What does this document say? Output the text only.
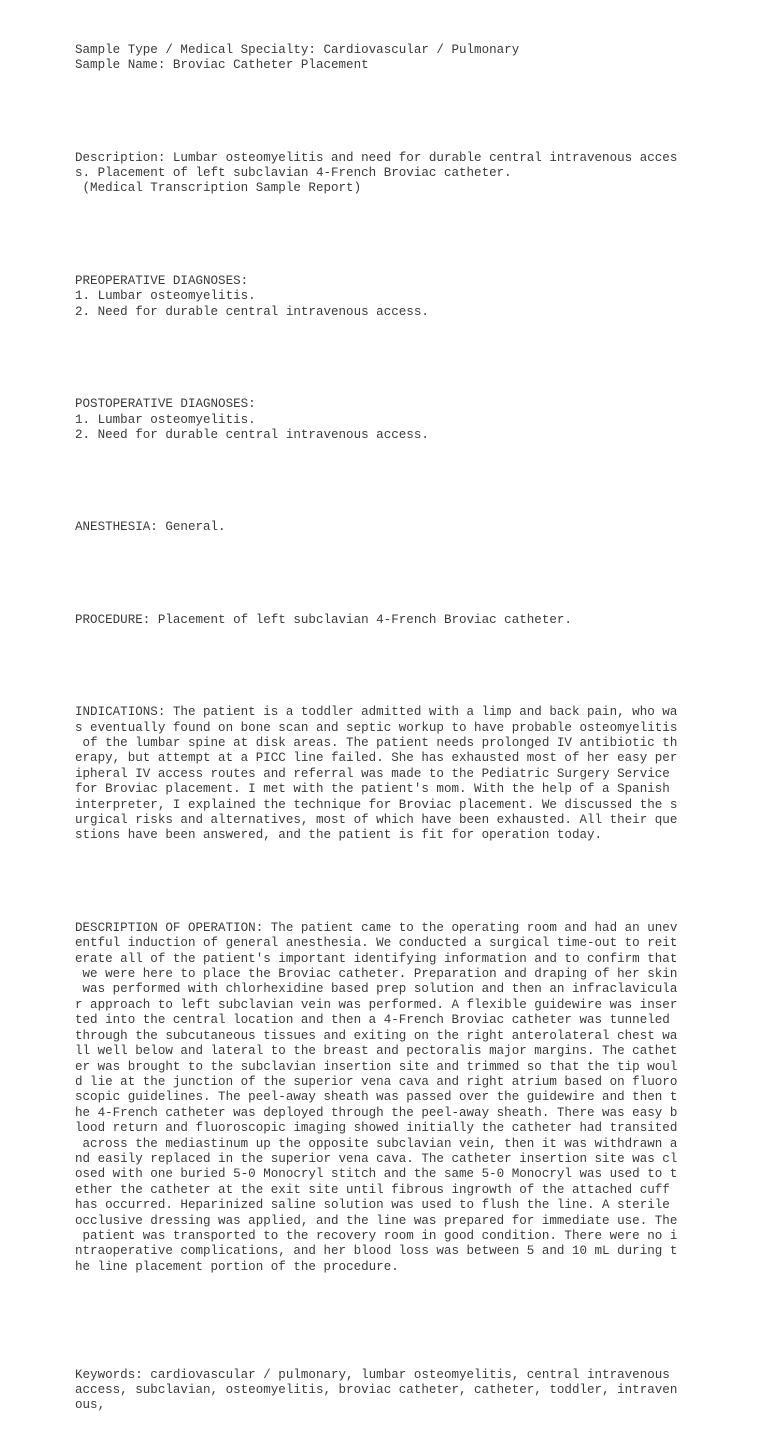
Sample Type / Medical Specialty: Cardiovascular / Pulmonary
Sample Name: Broviac Catheter Placement

Description: Lumbar osteomyelitis and need for durable central intravenous acces
s. Placement of left subclavian 4-French Broviac catheter.
(Medical Transcription Sample Report)

PREOPERATIVE DIAGNOSES:
1. Lumbar osteomyelitis.
2. Need for durable central intravenous access.

POSTOPERATIVE DIAGNOSES:
1. Lumbar osteomyelitis.
2. Need for durable central intravenous access.

ANESTHESIA: General.

PROCEDURE: Placement of left subclavian 4-French Broviac catheter.

INDICATIONS: The patient is a toddler admitted with a limp and back pain, who wa
s eventually found on bone scan and septic workup to have probable osteomyelitis
of the lumbar spine at disk areas. The patient needs prolonged IV antibiotic th
erapy, but attempt at a PICC line failed. She has exhausted most of her easy per
ipheral IV access routes and referral was made to the Pediatric Surgery Service
for Broviac placement. I met with the patient's mom. With the help of a Spanish
interpreter, I explained the technique for Broviac placement. We discussed the s
urgical risks and alternatives, most of which have been exhausted. All their que
stions have been answered, and the patient is fit for operation today.

DESCRIPTION OF OPERATION: The patient came to the operating room and had an unev
entful induction of general anesthesia. We conducted a surgical time-out to reit
erate all of the patient's important identifying information and to confirm that
we were here to place the Broviac catheter. Preparation and draping of her skin
was performed with chlorhexidine based prep solution and then an infraclavicula
r approach to left subclavian vein was performed. A flexible guidewire was inser
ted into the central location and then a 4-French Broviac catheter was tunneled
through the subcutaneous tissues and exiting on the right anterolateral chest wa
ll well below and lateral to the breast and pectoralis major margins. The cathet
er was brought to the subclavian insertion site and trimmed so that the tip woul
d lie at the junction of the superior vena cava and right atrium based on fluoro
scopic guidelines. The peel-away sheath was passed over the guidewire and then t
he 4-French catheter was deployed through the peel-away sheath. There was easy b
lood return and fluoroscopic imaging showed initially the catheter had transited
across the mediastinum up the opposite subclavian vein, then it was withdrawn a
nd easily replaced in the superior vena cava. The catheter insertion site was cl
osed with one buried 5-0 Monocryl stitch and the same 5-0 Monocryl was used to t
ether the catheter at the exit site until fibrous ingrowth of the attached cuff
has occurred. Heparinized saline solution was used to flush the line. A sterile
occlusive dressing was applied, and the line was prepared for immediate use. The
patient was transported to the recovery room in good condition. There were no i
ntraoperative complications, and her blood loss was between 5 and 10 mL during t
he line placement portion of the procedure.

Keywords: cardiovascular / pulmonary, lumbar osteomyelitis, central intravenous
access, subclavian, osteomyelitis, broviac catheter, catheter, toddler, intraven
ous,
